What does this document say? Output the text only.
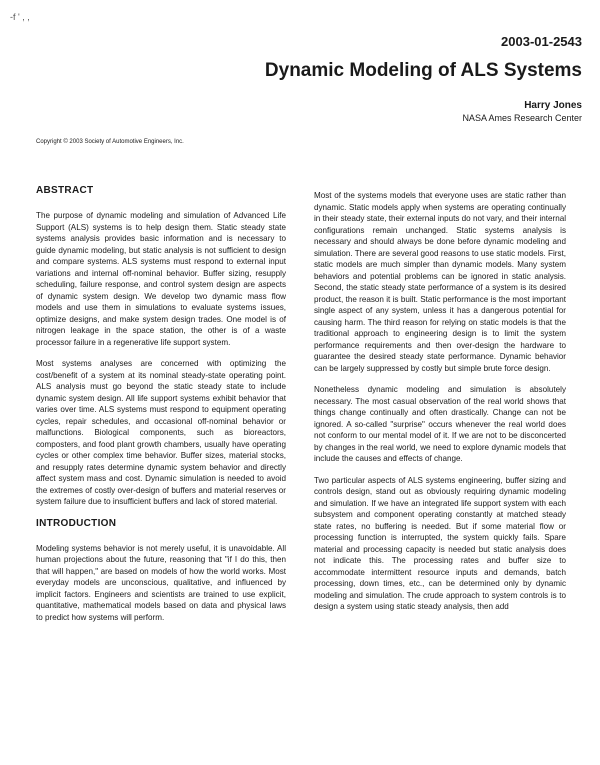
-f ' , ,
2003-01-2543
Dynamic Modeling of ALS Systems
Harry Jones
NASA Ames Research Center
Copyright © 2003 Society of Automotive Engineers, Inc.
ABSTRACT

The purpose of dynamic modeling and simulation of Advanced Life Support (ALS) systems is to help design them. Static steady state systems analysis provides basic information and is necessary to guide dynamic modeling, but static analysis is not sufficient to design and compare systems. ALS systems must respond to external input variations and internal off-nominal behavior. Buffer sizing, resupply scheduling, failure response, and control system design are aspects of dynamic system design. We develop two dynamic mass flow models and use them in simulations to evaluate systems issues, optimize designs, and make system design trades. One model is of nitrogen leakage in the space station, the other is of a waste processor failure in a regenerative life support system.

Most systems analyses are concerned with optimizing the cost/benefit of a system at its nominal steady-state operating point. ALS analysis must go beyond the static steady state to include dynamic system design. All life support systems exhibit behavior that varies over time. ALS systems must respond to equipment operating cycles, repair schedules, and occasional off-nominal behavior or malfunctions. Biological components, such as bioreactors, composters, and food plant growth chambers, usually have operating cycles or other complex time behavior. Buffer sizes, material stocks, and resupply rates determine dynamic system behavior and directly affect system mass and cost. Dynamic simulation is needed to avoid the extremes of costly over-design of buffers and material reserves or system failure due to insufficient buffers and lack of stored material.

INTRODUCTION

Modeling systems behavior is not merely useful, it is unavoidable. All human projections about the future, reasoning that "if I do this, then that will happen," are based on models of how the world works. Most everyday models are unconscious, qualitative, and influenced by implicit factors. Engineers and scientists are trained to use explicit, quantitative, mathematical models based on data and physical laws to predict how systems will perform.

Most of the systems models that everyone uses are static rather than dynamic. Static models apply when systems are operating continually in their steady state, their external inputs do not vary, and their internal configurations remain unchanged. Static systems analysis is necessary and should always be done before dynamic modeling and simulation. There are several good reasons to use static models. First, static models are much simpler than dynamic models. Many system behaviors and potential problems can be ignored in static analysis. Second, the static steady state performance of a system is its desired product, the reason it is built. Static performance is the most important single aspect of any system, unless it has a dangerous potential for causing harm. The third reason for relying on static models is that the traditional approach to engineering design is to limit the system performance requirements and then over-design the hardware to guarantee the desired steady state performance. Dynamic behavior can be largely suppressed by costly but simple brute force design.

Nonetheless dynamic modeling and simulation is absolutely necessary. The most casual observation of the real world shows that things change continually and often drastically. Change can not be ignored. A so-called "surprise" occurs whenever the real world does not conform to our mental model of it. If we are not to be disconcerted by changes in the real world, we need to explore dynamic models that include the causes and effects of change.

Two particular aspects of ALS systems engineering, buffer sizing and controls design, stand out as obviously requiring dynamic modeling and simulation. If we have an integrated life support system with each subsystem and component operating constantly at matched steady state rates, no buffering is needed. But if some material flow or processing function is interrupted, the system quickly fails. Spare material and processing capacity is needed but static analysis does not indicate this. The processing rates and buffer size to accommodate intermittent resource inputs and demands, batch processing, down times, etc., can be determined only by dynamic modeling and simulation. The crude approach to system controls is to design a system using static steady analysis, then add
